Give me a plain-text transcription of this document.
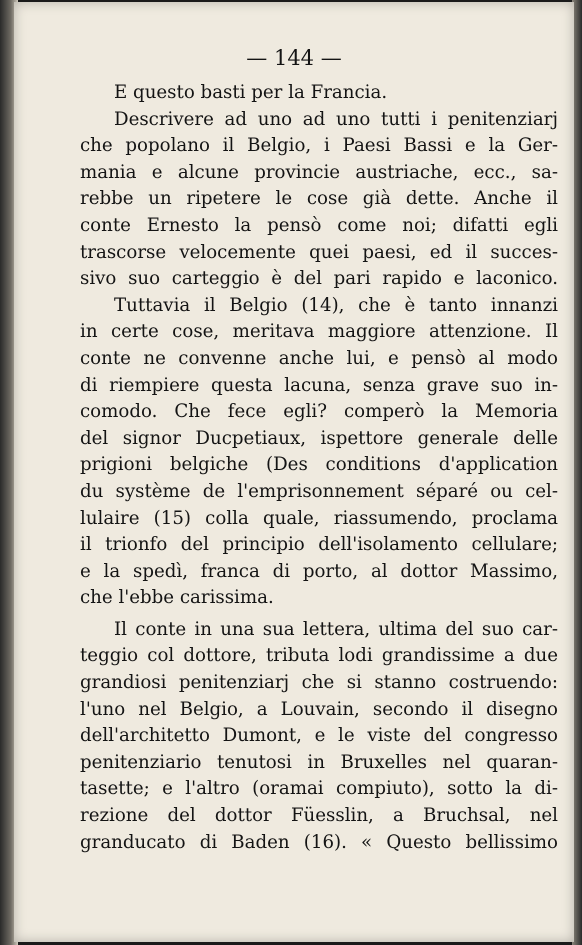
— 144 —
E questo basti per la Francia.
Descrivere ad uno ad uno tutti i penitenziarj
che popolano il Belgio, i Paesi Bassi e la Ger-
mania e alcune provincie austriache, ecc., sa-
rebbe un ripetere le cose già dette. Anche il
conte Ernesto la pensò come noi; difatti egli
trascorse velocemente quei paesi, ed il succes-
sivo suo carteggio è del pari rapido e laconico.
Tuttavia il Belgio (14), che è tanto innanzi
in certe cose, meritava maggiore attenzione. Il
conte ne convenne anche lui, e pensò al modo
di riempiere questa lacuna, senza grave suo in-
comodo. Che fece egli? comperò la Memoria
del signor Ducpetiaux, ispettore generale delle
prigioni belgiche (Des conditions d'application
du système de l'emprisonnement séparé ou cel-
lulaire (15) colla quale, riassumendo, proclama
il trionfo del principio dell'isolamento cellulare;
e la spedì, franca di porto, al dottor Massimo,
che l'ebbe carissima.
Il conte in una sua lettera, ultima del suo car-
teggio col dottore, tributa lodi grandissime a due
grandiosi penitenziarj che si stanno costruendo:
l'uno nel Belgio, a Louvain, secondo il disegno
dell'architetto Dumont, e le viste del congresso
penitenziario tenutosi in Bruxelles nel quaran-
tasette; e l'altro (oramai compiuto), sotto la di-
rezione del dottor Füesslin, a Bruchsal, nel
granducato di Baden (16). « Questo bellissimo
